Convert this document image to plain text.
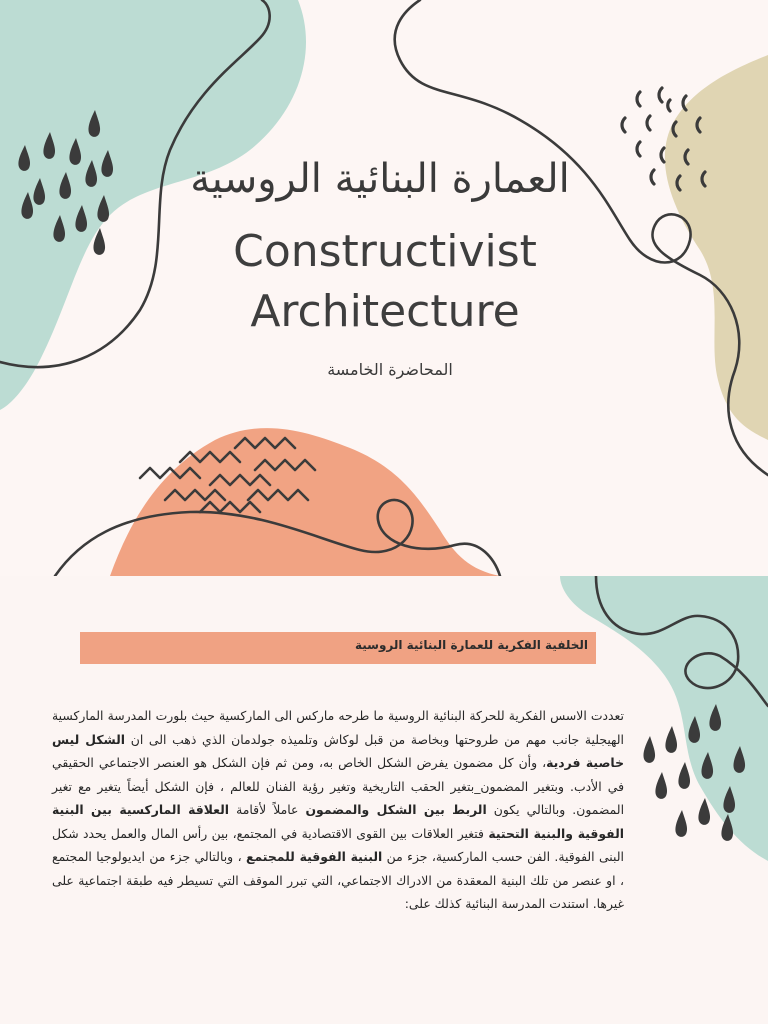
العمارة البنائية الروسية
Constructivist
Architecture
المحاضرة الخامسة
الخلفية الفكرية للعمارة البنائية الروسية
تعددت الاسس الفكرية للحركة البنائية الروسية ما طرحه ماركس الى الماركسية حيث بلورت المدرسة الماركسية الهيجلية جانب مهم من طروحتها وبخاصة من قبل لوكاش وتلميذه جولدمان الذي ذهب الى ان الشكل ليس خاصية فردية، وأن كل مضمون يفرض الشكل الخاص به، ومن ثم فإن الشكل هو العنصر الاجتماعي الحقيقي في الأدب. وبتغير المضمون_بتغير الحقب التاريخية وتغير رؤية الفنان للعالم ، فإن الشكل أيضاً يتغير مع تغير المضمون. وبالتالي يكون الربط بين الشكل والمضمون عاملاً لأقامة العلاقة الماركسية بين البنية الفوقية والبنية التحتية فتغير العلاقات بين القوى الاقتصادية في المجتمع، بين رأس المال والعمل يحدد شكل البنى الفوقية. الفن حسب الماركسية، جزء من البنية الفوقية للمجتمع ، وبالتالي جزء من ايديولوجيا المجتمع ، او عنصر من تلك البنية المعقدة من الادراك الاجتماعي، التي تبرر الموقف التي تسيطر فيه طبقة اجتماعية على غيرها. استندت المدرسة البنائية كذلك على:
